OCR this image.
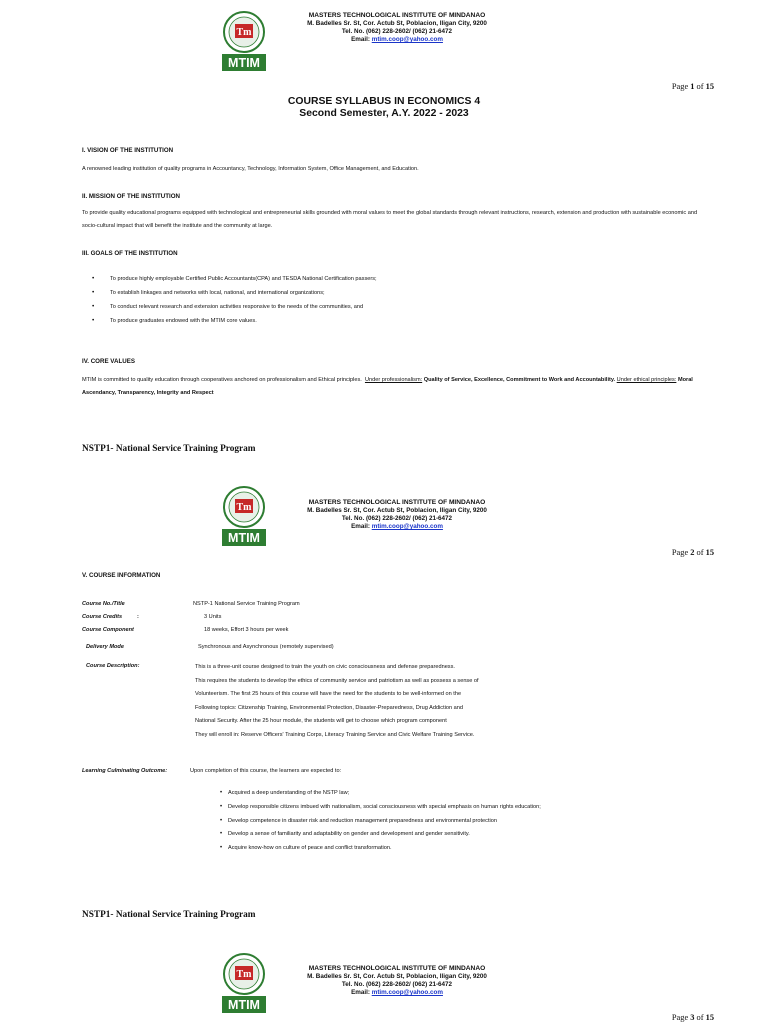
Tm
MTIM
MASTERS TECHNOLOGICAL INSTITUTE OF MINDANAO
M. Badelles Sr. St, Cor. Actub St, Poblacion, Iligan City, 9200
Tel. No. (062) 228-2602/ (062) 21-6472
Email: mtim.coop@yahoo.com
Page 1 of 15
COURSE SYLLABUS IN ECONOMICS 4
Second Semester, A.Y. 2022 - 2023
I. VISION OF THE INSTITUTION
A renowned leading institution of quality programs in Accountancy, Technology, Information System, Office Management, and Education.
II. MISSION OF THE INSTITUTION
To provide quality educational programs equipped with technological and entrepreneurial skills grounded with moral values to meet the global standards through relevant instructions, research, extension and production with sustainable economic and socio-cultural impact that will benefit the institute and the community at large.
III. GOALS OF THE INSTITUTION
• To produce highly employable Certified Public Accountants(CPA) and TESDA National Certification passers;
• To establish linkages and networks with local, national, and international organizations;
• To conduct relevant research and extension activities responsive to the needs of the communities, and
• To produce graduates endowed with the MTIM core values.
IV. CORE VALUES
MTIM is committed to quality education through cooperatives anchored on professionalism and Ethical principles. Under professionalism: Quality of Service, Excellence, Commitment to Work and Accountability. Under ethical principles: Moral Ascendancy, Transparency, Integrity and Respect
NSTP1- National Service Training Program
Tm
MTIM
MASTERS TECHNOLOGICAL INSTITUTE OF MINDANAO
M. Badelles Sr. St, Cor. Actub St, Poblacion, Iligan City, 9200
Tel. No. (062) 228-2602/ (062) 21-6472
Email: mtim.coop@yahoo.com
Page 2 of 15
V. COURSE INFORMATION
Course No./Title	NSTP-1 National Service Training Program
Course Credits	:	3 Units
Course Component	18 weeks, Effort 3 hours per week
Delivery Mode	Synchronous and Asynchronous (remotely supervised)
Course Description:	This is a three-unit course designed to train the youth on civic consciousness and defense preparedness.

This requires the students to develop the ethics of community service and patriotism as well as possess a sense of

Volunteerism. The first 25 hours of this course will have the need for the students to be well-informed on the

Following topics: Citizenship Training, Environmental Protection, Disaster-Preparedness, Drug Addiction and

National Security. After the 25 hour module, the students will get to choose which program component

They will enroll in: Reserve Officers' Training Corps, Literacy Training Service and Civic Welfare Training Service.

Learning Culminating Outcome:	Upon completion of this course, the learners are expected to:
• Acquired a deep understanding of the NSTP law;
• Develop responsible citizens imbued with nationalism, social consciousness with special emphasis on human rights education;
• Develop competence in disaster risk and reduction management preparedness and environmental protection
• Develop a sense of familiarity and adaptability on gender and development and gender sensitivity.
• Acquire know-how on culture of peace and conflict transformation.
NSTP1- National Service Training Program
Tm
MTIM
MASTERS TECHNOLOGICAL INSTITUTE OF MINDANAO
M. Badelles Sr. St, Cor. Actub St, Poblacion, Iligan City, 9200
Tel. No. (062) 228-2602/ (062) 21-6472
Email: mtim.coop@yahoo.com
Page 3 of 15
